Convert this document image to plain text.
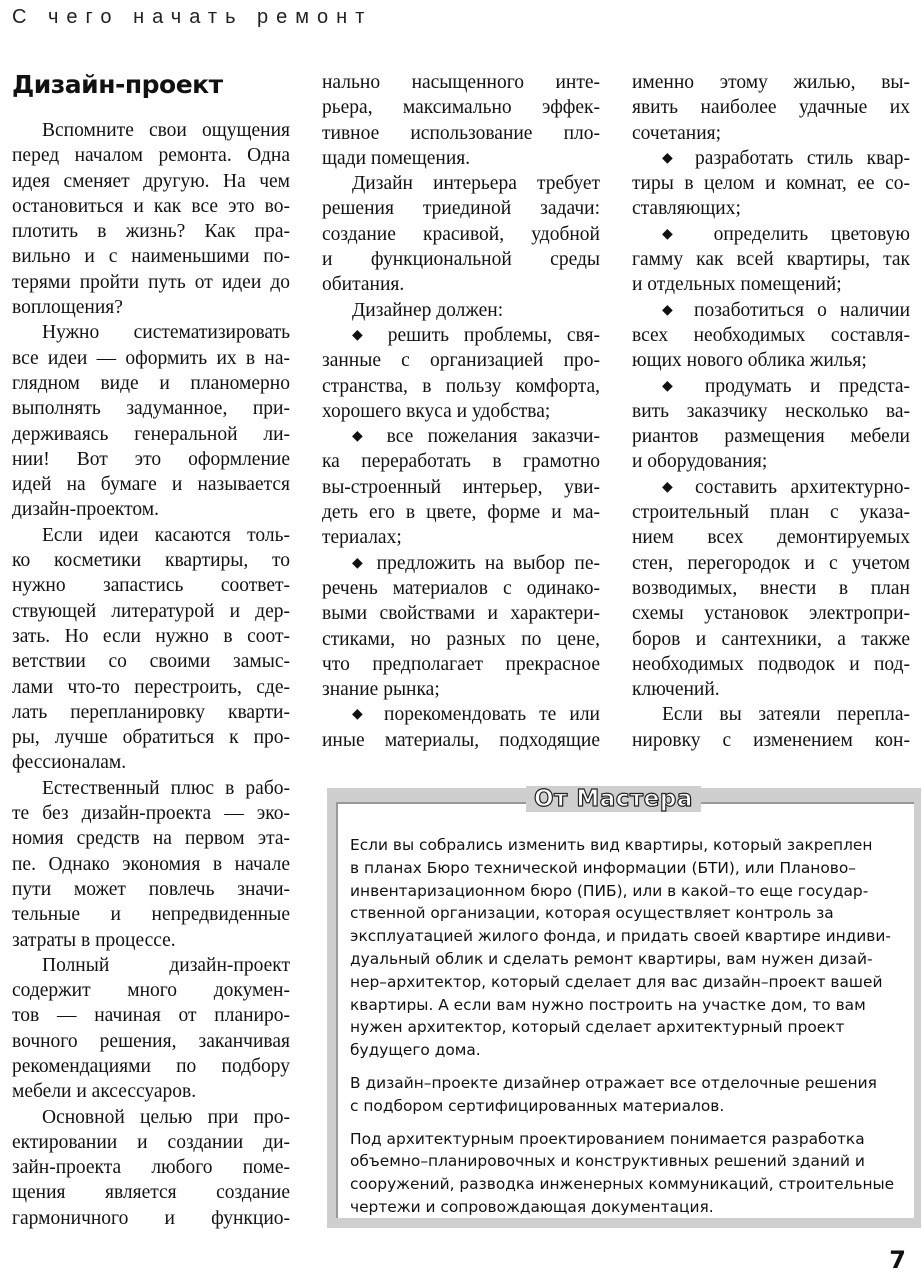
С чего начать ремонт
Дизайн-проект
Вспомните свои ощущения
перед началом ремонта. Одна
идея сменяет другую. На чем
остановиться и как все это во-
плотить в жизнь? Как пра-
вильно и с наименьшими по-
терями пройти путь от идеи до
воплощения?
Нужно систематизировать
все идеи — оформить их в на-
глядном виде и планомерно
выполнять задуманное, при-
держиваясь генеральной ли-
нии! Вот это оформление
идей на бумаге и называется
дизайн-проектом.
Если идеи касаются толь-
ко косметики квартиры, то
нужно запастись соответ-
ствующей литературой и дер-
зать. Но если нужно в соот-
ветствии со своими замыс-
лами что-то перестроить, сде-
лать перепланировку кварти-
ры, лучше обратиться к про-
фессионалам.
Естественный плюс в рабо-
те без дизайн-проекта — эко-
номия средств на первом эта-
пе. Однако экономия в начале
пути может повлечь значи-
тельные и непредвиденные
затраты в процессе.
Полный дизайн-проект
содержит много докумен-
тов — начиная от планиро-
вочного решения, заканчивая
рекомендациями по подбору
мебели и аксессуаров.
Основной целью при про-
ектировании и создании ди-
зайн-проекта любого поме-
щения является создание
гармоничного и функцио-
нально насыщенного инте-
рьера, максимально эффек-
тивное использование пло-
щади помещения.
Дизайн интерьера требует
решения триединой задачи:
создание красивой, удобной
и функциональной среды
обитания.
Дизайнер должен:
◆ решить проблемы, свя-
занные с организацией про-
странства, в пользу комфорта,
хорошего вкуса и удобства;
◆ все пожелания заказчи-
ка переработать в грамотно
вы-строенный интерьер, уви-
деть его в цвете, форме и ма-
териалах;
◆ предложить на выбор пе-
речень материалов с одинако-
выми свойствами и характери-
стиками, но разных по цене,
что предполагает прекрасное
знание рынка;
◆ порекомендовать те или
иные материалы, подходящие
именно этому жилью, вы-
явить наиболее удачные их
сочетания;
◆ разработать стиль квар-
тиры в целом и комнат, ее со-
ставляющих;
◆ определить цветовую
гамму как всей квартиры, так
и отдельных помещений;
◆ позаботиться о наличии
всех необходимых составля-
ющих нового облика жилья;
◆ продумать и предста-
вить заказчику несколько ва-
риантов размещения мебели
и оборудования;
◆ составить архитектурно-
строительный план с указа-
нием всех демонтируемых
стен, перегородок и с учетом
возводимых, внести в план
схемы установок электропри-
боров и сантехники, а также
необходимых подводок и под-
ключений.
Если вы затеяли перепла-
нировку с изменением кон-
От Мастера
Если вы собрались изменить вид квартиры, который закреплен
в планах Бюро технической информации (БТИ), или Планово–
инвентаризационном бюро (ПИБ), или в какой–то еще государ-
ственной организации, которая осуществляет контроль за
эксплуатацией жилого фонда, и придать своей квартире индиви-
дуальный облик и сделать ремонт квартиры, вам нужен дизай-
нер–архитектор, который сделает для вас дизайн–проект вашей
квартиры. А если вам нужно построить на участке дом, то вам
нужен архитектор, который сделает архитектурный проект
будущего дома.
В дизайн–проекте дизайнер отражает все отделочные решения
с подбором сертифицированных материалов.
Под архитектурным проектированием понимается разработка
объемно–планировочных и конструктивных решений зданий и
сооружений, разводка инженерных коммуникаций, строительные
чертежи и сопровождающая документация.
7
